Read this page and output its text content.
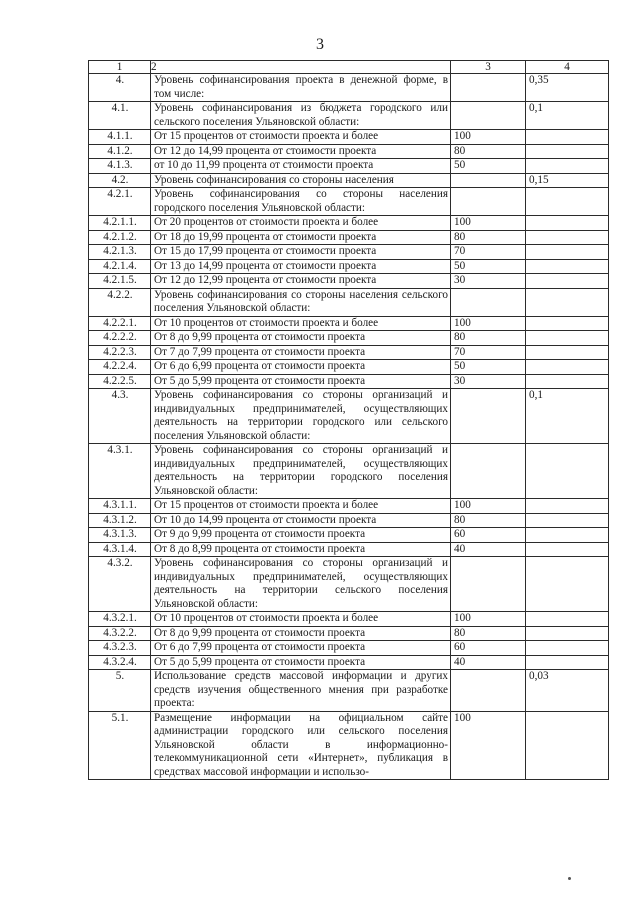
3
1	2	3	4
4.	Уровень софинансирования проекта в денежной форме, в том числе:		0,35
4.1.	Уровень софинансирования из бюджета городского или сельского поселения Ульяновской области:		0,1
4.1.1.	От 15 процентов от стоимости проекта и более	100	
4.1.2.	От 12 до 14,99 процента от стоимости проекта	80	
4.1.3.	от 10 до 11,99 процента от стоимости проекта	50	
4.2.	Уровень софинансирования со стороны населения		0,15
4.2.1.	Уровень софинансирования со стороны населения городского поселения Ульяновской области:		
4.2.1.1.	От 20 процентов от стоимости проекта и более	100	
4.2.1.2.	От 18 до 19,99 процента от стоимости проекта	80	
4.2.1.3.	От 15 до 17,99 процента от стоимости проекта	70	
4.2.1.4.	От 13 до 14,99 процента от стоимости проекта	50	
4.2.1.5.	От 12 до 12,99 процента от стоимости проекта	30	
4.2.2.	Уровень софинансирования со стороны населения сельского поселения Ульяновской области:		
4.2.2.1.	От 10 процентов от стоимости проекта и более	100	
4.2.2.2.	От 8 до 9,99 процента от стоимости проекта	80	
4.2.2.3.	От 7 до 7,99 процента от стоимости проекта	70	
4.2.2.4.	От 6 до 6,99 процента от стоимости проекта	50	
4.2.2.5.	От 5 до 5,99 процента от стоимости проекта	30	
4.3.	Уровень софинансирования со стороны организаций и индивидуальных предпринимателей, осуществляющих деятельность на территории городского или сельского поселения Ульяновской области:		0,1
4.3.1.	Уровень софинансирования со стороны организаций и индивидуальных предпринимателей, осуществляющих деятельность на территории городского поселения Ульяновской области:		
4.3.1.1.	От 15 процентов от стоимости проекта и более	100	
4.3.1.2.	От 10 до 14,99 процента от стоимости проекта	80	
4.3.1.3.	От 9 до 9,99 процента от стоимости проекта	60	
4.3.1.4.	От 8 до 8,99 процента от стоимости проекта	40	
4.3.2.	Уровень софинансирования со стороны организаций и индивидуальных предпринимателей, осуществляющих деятельность на территории сельского поселения Ульяновской области:		
4.3.2.1.	От 10 процентов от стоимости проекта и более	100	
4.3.2.2.	От 8 до 9,99 процента от стоимости проекта	80	
4.3.2.3.	От 6 до 7,99 процента от стоимости проекта	60	
4.3.2.4.	От 5 до 5,99 процента от стоимости проекта	40	
5.	Использование средств массовой информации и других средств изучения общественного мнения при разработке проекта:		0,03
5.1.	Размещение информации на официальном сайте администрации городского или сельского поселения Ульяновской области в информационно-телекоммуникационной сети «Интернет», публикация в средствах массовой информации и использо-	100	
